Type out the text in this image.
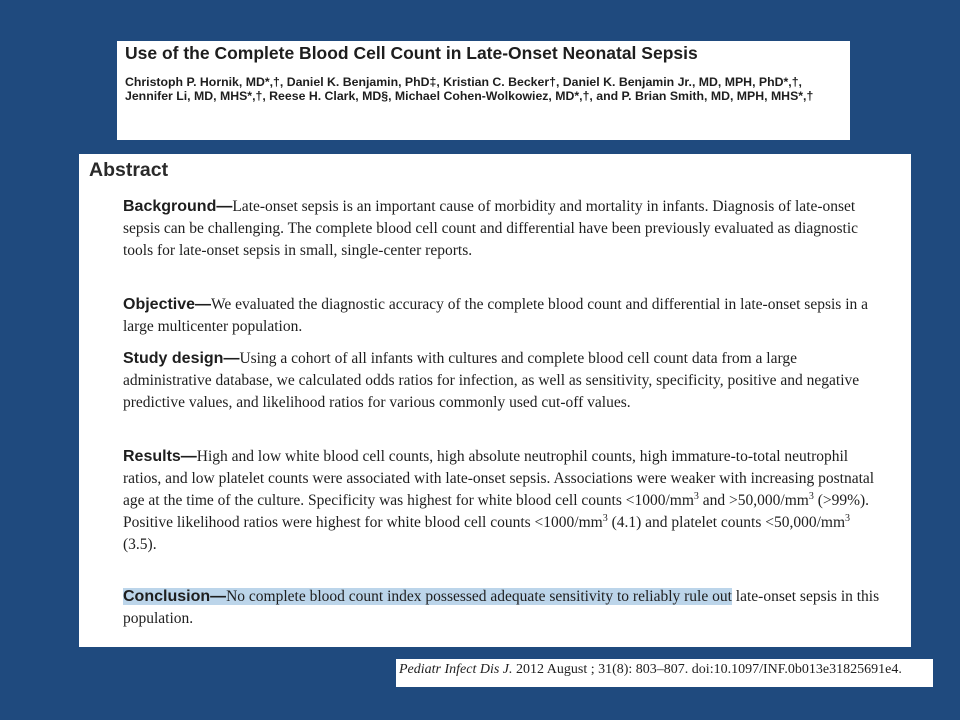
Use of the Complete Blood Cell Count in Late-Onset Neonatal Sepsis
Christoph P. Hornik, MD*,†, Daniel K. Benjamin, PhD‡, Kristian C. Becker†, Daniel K. Benjamin Jr., MD, MPH, PhD*,†, Jennifer Li, MD, MHS*,†, Reese H. Clark, MD§, Michael Cohen-Wolkowiez, MD*,†, and P. Brian Smith, MD, MPH, MHS*,†
Abstract
Background—Late-onset sepsis is an important cause of morbidity and mortality in infants. Diagnosis of late-onset sepsis can be challenging. The complete blood cell count and differential have been previously evaluated as diagnostic tools for late-onset sepsis in small, single-center reports.
Objective—We evaluated the diagnostic accuracy of the complete blood count and differential in late-onset sepsis in a large multicenter population.
Study design—Using a cohort of all infants with cultures and complete blood cell count data from a large administrative database, we calculated odds ratios for infection, as well as sensitivity, specificity, positive and negative predictive values, and likelihood ratios for various commonly used cut-off values.
Results—High and low white blood cell counts, high absolute neutrophil counts, high immature-to-total neutrophil ratios, and low platelet counts were associated with late-onset sepsis. Associations were weaker with increasing postnatal age at the time of the culture. Specificity was highest for white blood cell counts $<1000/mm^3$ and $>50,000/mm^3$ (>99%). Positive likelihood ratios were highest for white blood cell counts $<1000/mm^3$ (4.1) and platelet counts $<50,000/mm^3$ (3.5).
Conclusion—No complete blood count index possessed adequate sensitivity to reliably rule out late-onset sepsis in this population.
Pediatr Infect Dis J. 2012 August ; 31(8): 803–807. doi:10.1097/INF.0b013e31825691e4.
